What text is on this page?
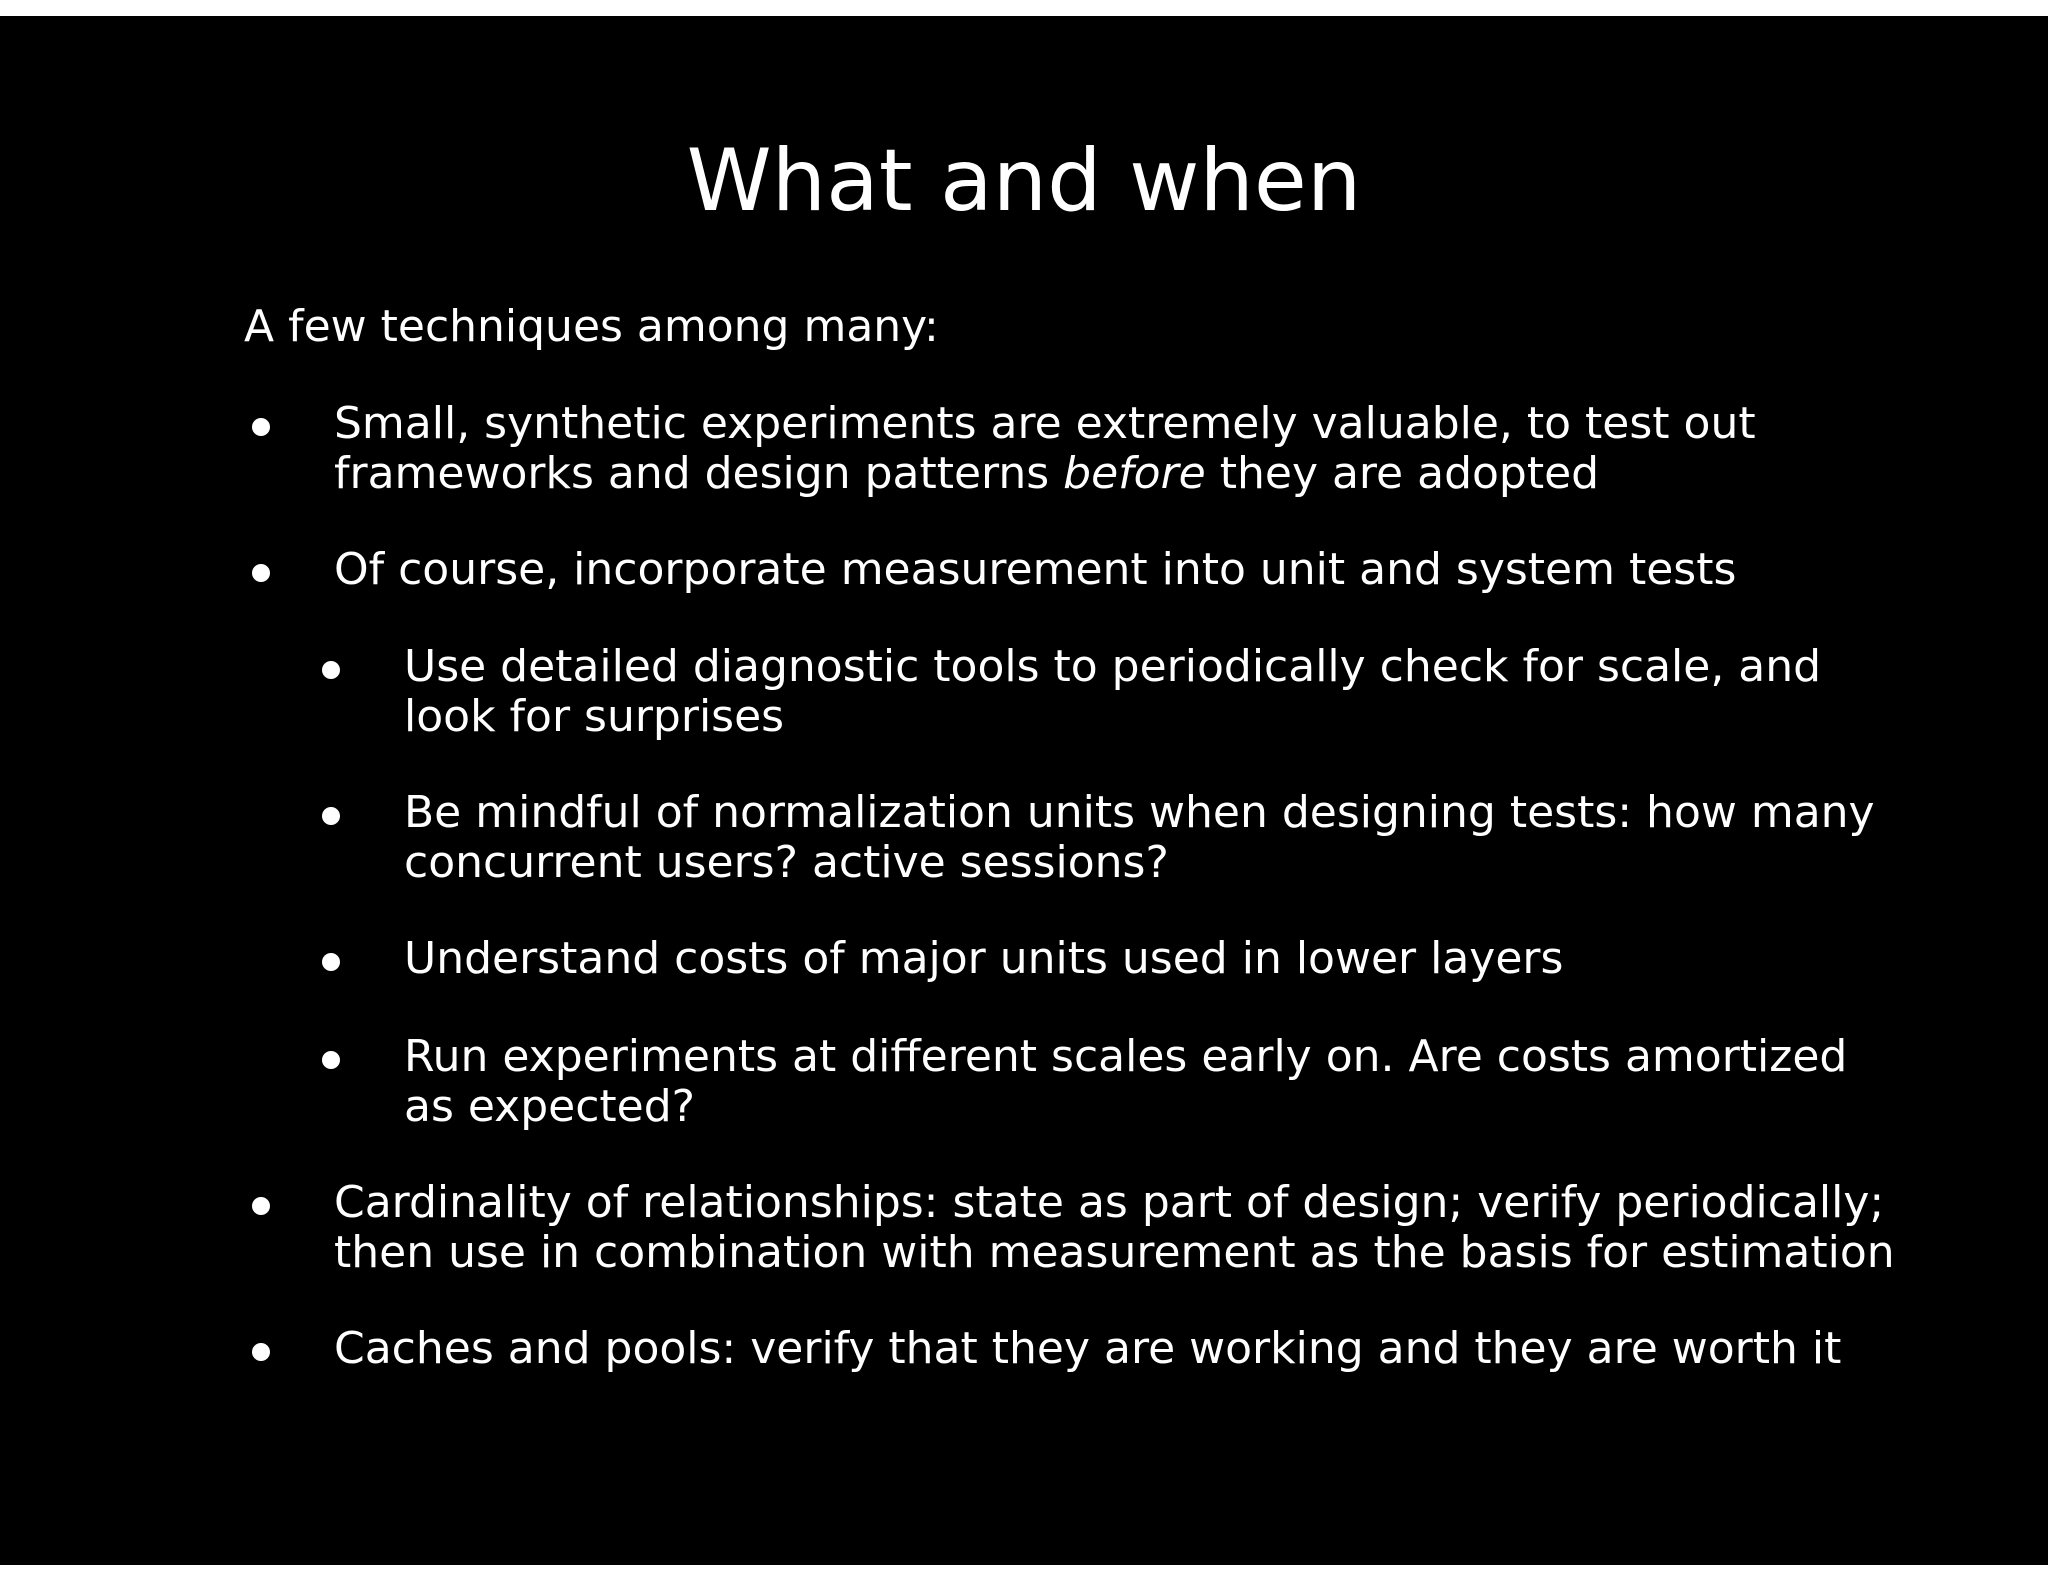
What and when
A few techniques among many:
Small, synthetic experiments are extremely valuable, to test out
frameworks and design patterns before they are adopted
Of course, incorporate measurement into unit and system tests
Use detailed diagnostic tools to periodically check for scale, and
look for surprises
Be mindful of normalization units when designing tests: how many
concurrent users? active sessions?
Understand costs of major units used in lower layers
Run experiments at different scales early on. Are costs amortized
as expected?
Cardinality of relationships: state as part of design; verify periodically;
then use in combination with measurement as the basis for estimation
Caches and pools: verify that they are working and they are worth it
